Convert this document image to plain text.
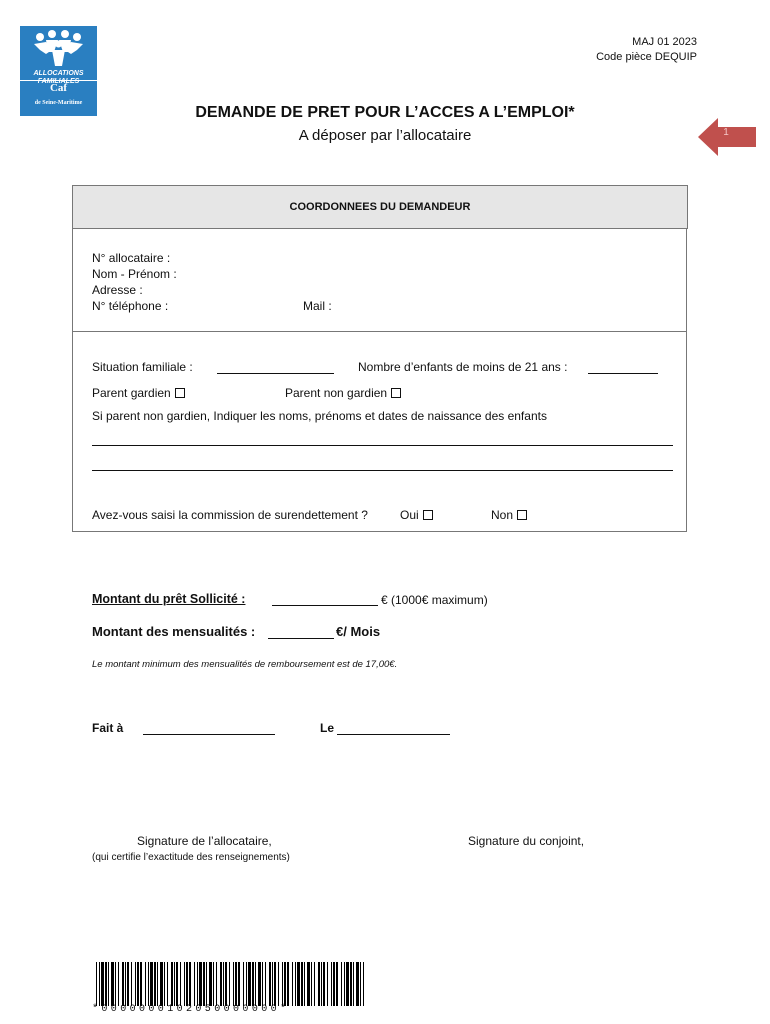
ALLOCATIONS
FAMILIALES
Caf
de Seine-Maritime
MAJ 01 2023
Code pièce DEQUIP
DEMANDE DE PRET POUR L’ACCES A L’EMPLOI*
A déposer par l’allocataire	1
COORDONNEES DU DEMANDEUR
N° allocataire :
Nom - Prénom :
Adresse :
N° téléphone :	Mail :
Situation familiale :	Nombre d’enfants de moins de 21 ans :
Parent gardien	Parent non gardien
Si parent non gardien, Indiquer les noms, prénoms et dates de naissance des enfants
Avez-vous saisi la commission de surendettement ?	Oui	Non
Montant du prêt Sollicité :	€ (1000€ maximum)
Montant des mensualités :	€/ Mois
Le montant minimum des mensualités de remboursement est de 17,00€.
Fait à	Le
Signature de l’allocataire,
(qui certifie l’exactitude des renseignements)
Signature du conjoint,
*0000000102050000000*
